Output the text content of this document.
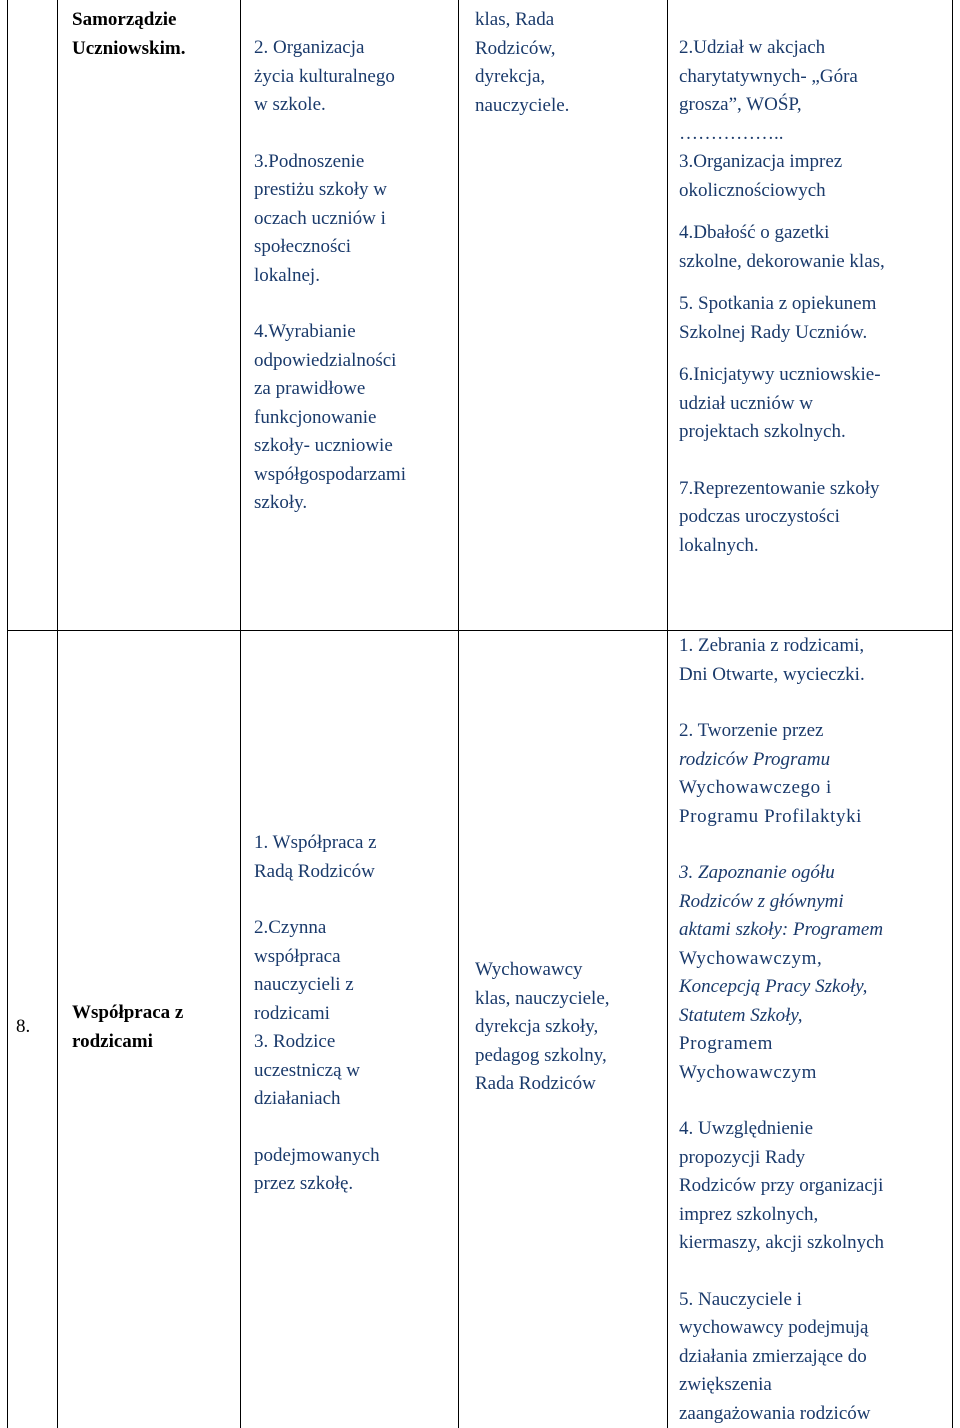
Samorządzie

Uczniowskim.	2. Organizacja

życia kulturalnego

w szkole.

3.Podnoszenie

prestiżu szkoły w

oczach uczniów i

społeczności

lokalnej.

4.Wyrabianie

odpowiedzialności

za prawidłowe

funkcjonowanie

szkoły- uczniowie

współgospodarzami

szkoły.

klas, Rada

Rodziców,

dyrekcja,

nauczyciele.

2.Udział w akcjach

charytatywnych- „Góra

grosza”, WOŚP,

……………..

3.Organizacja imprez

okolicznościowych

4.Dbałość o gazetki

szkolne, dekorowanie klas,

5. Spotkania z opiekunem

Szkolnej Rady Uczniów.

6.Inicjatywy uczniowskie-

udział uczniów w

projektach szkolnych.

7.Reprezentowanie szkoły

podczas uroczystości

lokalnych.

8.

Współpraca z

rodzicami

1. Współpraca z

Radą Rodziców

2.Czynna

współpraca

nauczycieli z

rodzicami

3. Rodzice

uczestniczą w

działaniach

podejmowanych

przez szkołę.

Wychowawcy

klas, nauczyciele,

dyrekcja szkoły,

pedagog szkolny,

Rada Rodziców

1. Zebrania z rodzicami,

Dni Otwarte, wycieczki.

2. Tworzenie przez

rodziców Programu

Wychowawczego i

Programu Profilaktyki

3. Zapoznanie ogółu

Rodziców z głównymi

aktami szkoły: Programem

Wychowawczym,

Koncepcją Pracy Szkoły,

Statutem Szkoły,

Programem

Wychowawczym

4. Uwzględnienie

propozycji Rady

Rodziców przy organizacji

imprez szkolnych,

kiermaszy, akcji szkolnych

5. Nauczyciele i

wychowawcy podejmują

działania zmierzające do

zwiększenia

zaangażowania rodziców
